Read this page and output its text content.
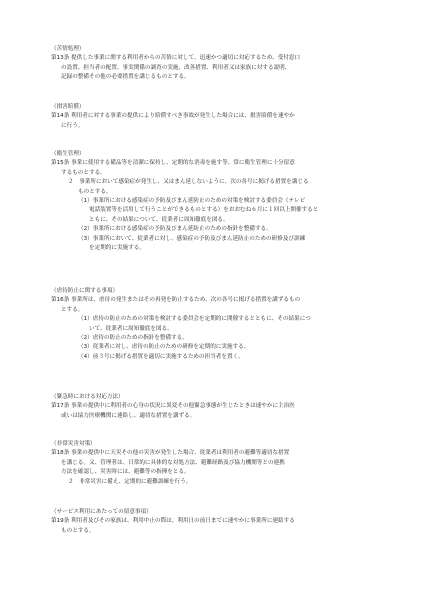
（苦情処理）
第13条 提供した事業に関する利用者からの苦情に対して、迅速かつ適切に対応するため、受付窓口
の設置、担当者の配置、事実関係の調査の実施、改善措置、利用者又は家族に対する説明、
記録の整備その他の必要措置を講じるものとする。
（損害賠償）
第14条 利用者に対する事業の提供により賠償すべき事故が発生した場合には、損害賠償を速やか
に行う。
（衛生管理）
第15条 事業に使用する備品等を清潔に保持し、定期的な消毒を施す等、常に衛生管理に十分留意
するものとする。
２　事業所において感染症が発生し、又はまん延しないように、次の各号に掲げる措置を講じる
ものとする。
（1）事業所における感染症の予防及びまん延防止のための対策を検討する委員会（テレビ
電話装置等を活用して行うことができるものとする）をおおむね６月に１回以上開催すると
ともに、その結果について、従業者に周知徹底を図る。
（2）事業所における感染症の予防及びまん延防止のための指針を整備する。
（3）事業所において、従業者に対し、感染症の予防及びまん延防止のための研修及び訓練
を定期的に実施する。
（虐待防止に関する事項）
第16条 事業所は、虐待の発生またはその再発を防止するため、次の各号に掲げる措置を講ずるもの
とする。
（1）虐待の防止のための対策を検討する委員会を定期的に開催するとともに、その結果につ
いて、従業者に周知徹底を図る。
（2）虐待の防止のための指針を整備する。
（3）従業者に対し、虐待の防止のための研修を定期的に実施する。
（4）前３号に掲げる措置を適切に実施するための担当者を置く。
（緊急時における対応方法）
第17条 事業の提供中に利用者の心身の状況に異変その他緊急事態が生じたときは速やかに主治医
或いは協力医療機関に連絡し、適切な措置を講ずる。
（非常災害対策）
第18条 事業の提供中に天災その他の災害が発生した場合、従業者は利用者の避難等適切な措置
を講じる。又、管理者は、日常的に具体的な対処方法、避難経路及び協力機関等との連携
方法を確認し、災害時には、避難等の指揮をとる。
２　非常災害に備え、定期的に避難訓練を行う。
（サービス利用にあたっての留意事項）
第19条 利用者及びその家族は、利用中止の際は、利用日の前日までに速やかに事業所に連絡する
ものとする。
